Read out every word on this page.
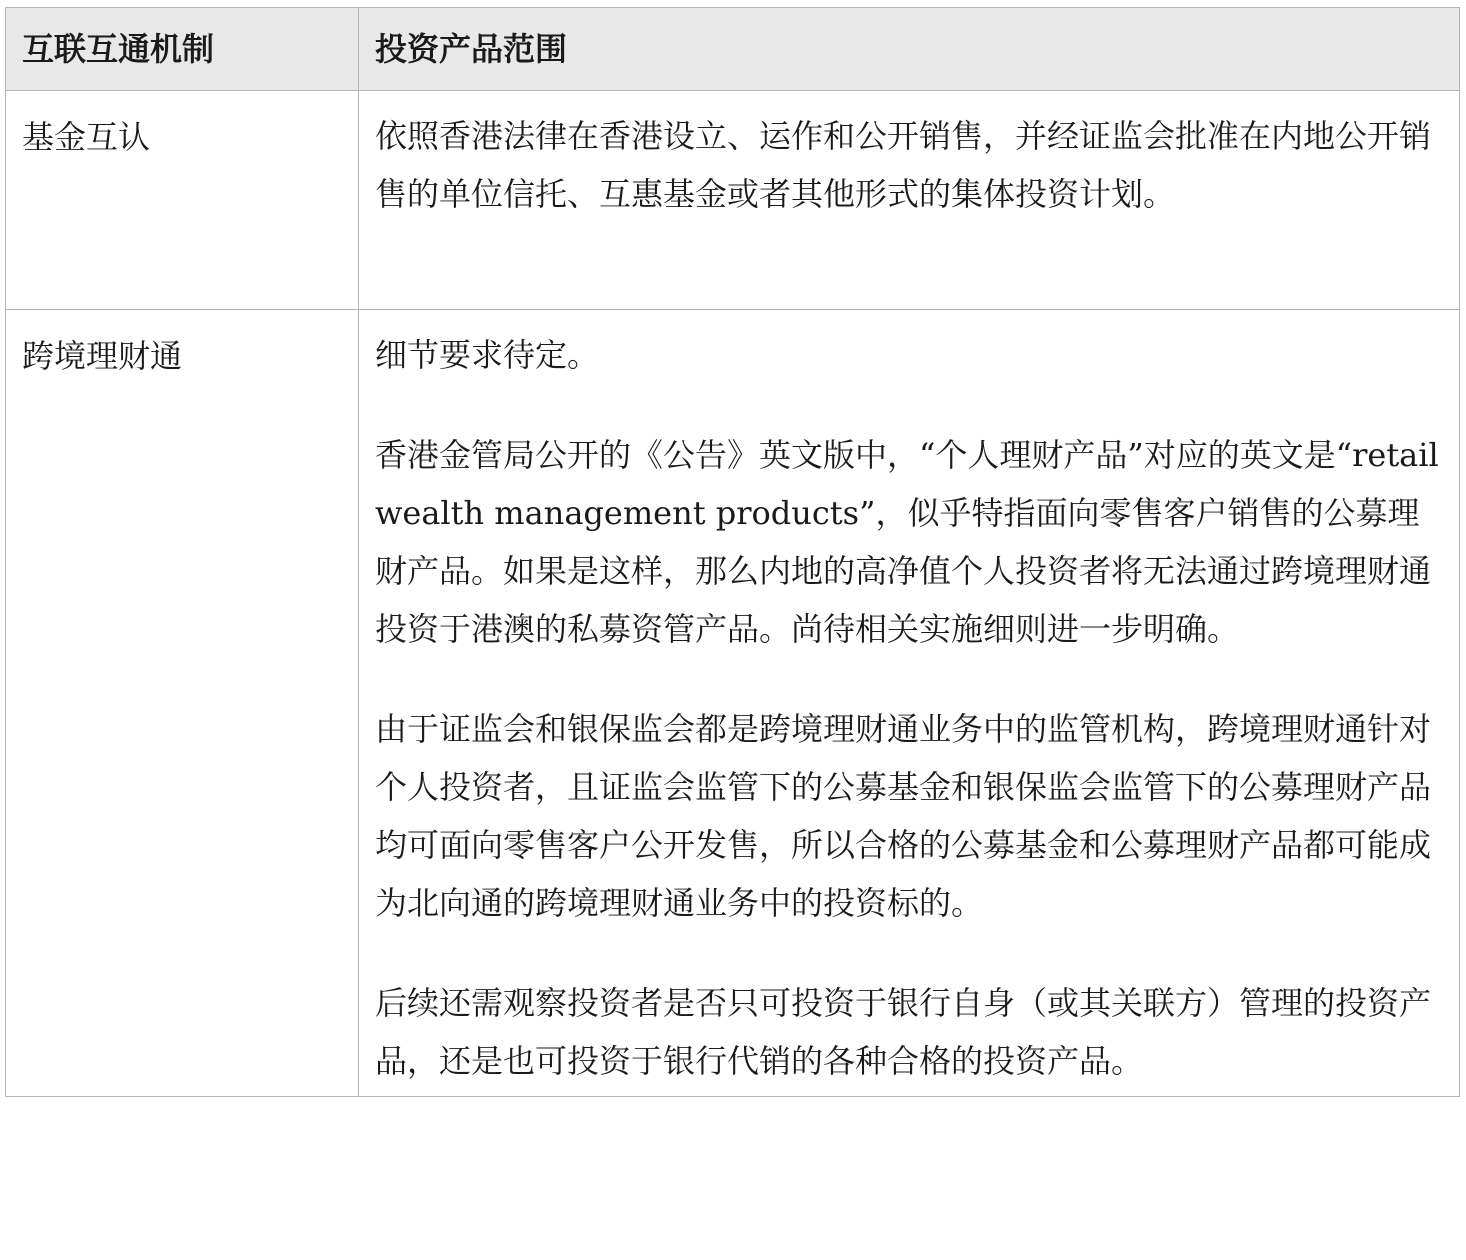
互联互通机制	投资产品范围
基金互认	依照香港法律在香港设立、运作和公开销售，并经证监会批准在内地公开销售的单位信托、互惠基金或者其他形式的集体投资计划。

跨境理财通	细节要求待定。

香港金管局公开的《公告》英文版中，“个人理财产品”对应的英文是“retail wealth management products”，似乎特指面向零售客户销售的公募理财产品。如果是这样，那么内地的高净值个人投资者将无法通过跨境理财通投资于港澳的私募资管产品。尚待相关实施细则进一步明确。

由于证监会和银保监会都是跨境理财通业务中的监管机构，跨境理财通针对个人投资者，且证监会监管下的公募基金和银保监会监管下的公募理财产品均可面向零售客户公开发售，所以合格的公募基金和公募理财产品都可能成为北向通的跨境理财通业务中的投资标的。

后续还需观察投资者是否只可投资于银行自身（或其关联方）管理的投资产品，还是也可投资于银行代销的各种合格的投资产品。
